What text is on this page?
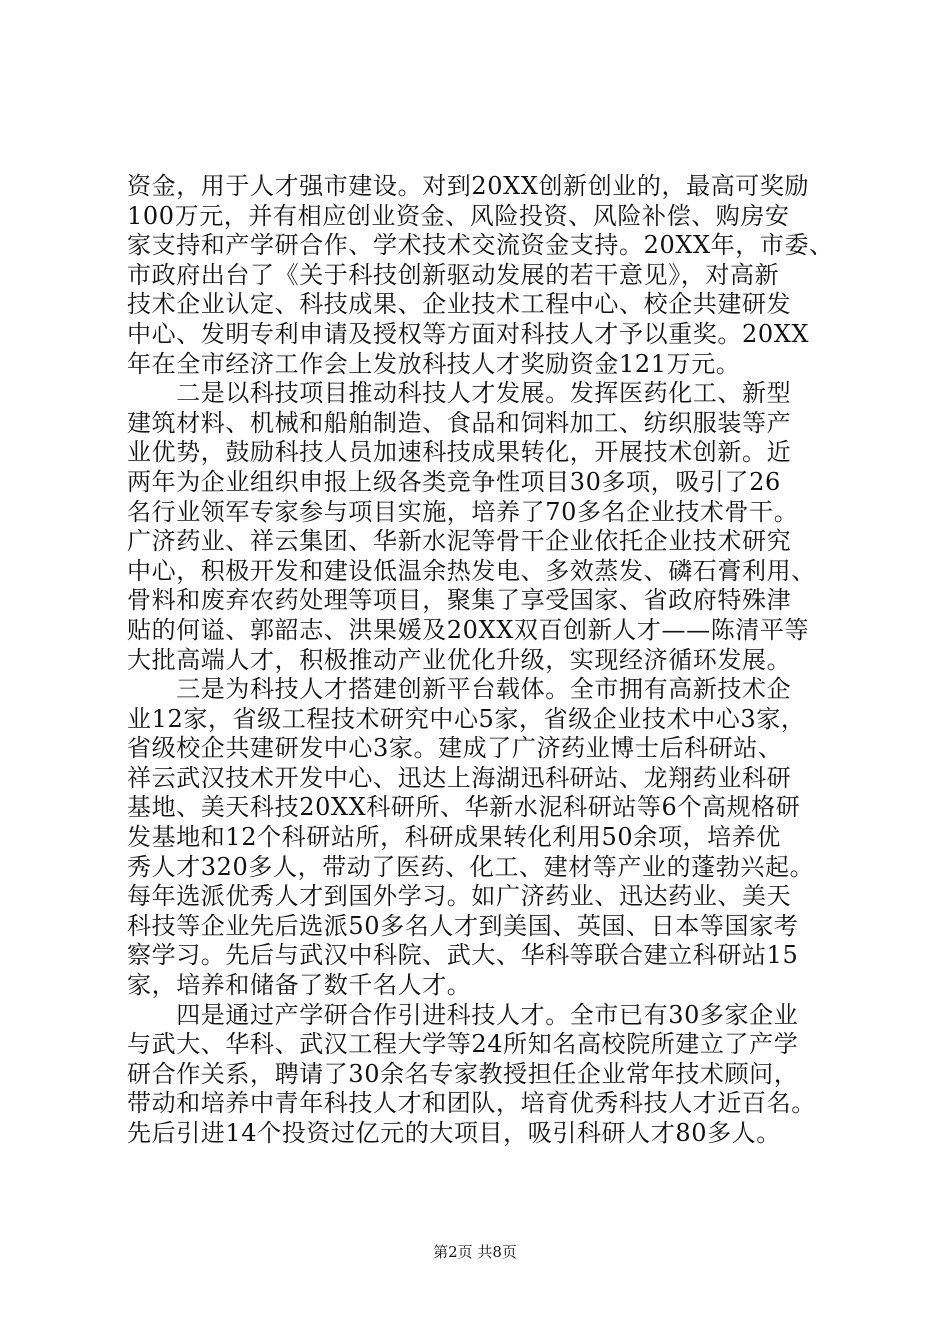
资金，用于人才强市建设。对到20XX创新创业的，最高可奖励
100万元，并有相应创业资金、风险投资、风险补偿、购房安
家支持和产学研合作、学术技术交流资金支持。20XX年，市委、
市政府出台了《关于科技创新驱动发展的若干意见》，对高新
技术企业认定、科技成果、企业技术工程中心、校企共建研发
中心、发明专利申请及授权等方面对科技人才予以重奖。20XX
年在全市经济工作会上发放科技人才奖励资金121万元。
　　二是以科技项目推动科技人才发展。发挥医药化工、新型
建筑材料、机械和船舶制造、食品和饲料加工、纺织服装等产
业优势，鼓励科技人员加速科技成果转化，开展技术创新。近
两年为企业组织申报上级各类竞争性项目30多项，吸引了26
名行业领军专家参与项目实施，培养了70多名企业技术骨干。
广济药业、祥云集团、华新水泥等骨干企业依托企业技术研究
中心，积极开发和建设低温余热发电、多效蒸发、磷石膏利用、
骨料和废弃农药处理等项目，聚集了享受国家、省政府特殊津
贴的何谥、郭韶志、洪果媛及20XX双百创新人才——陈清平等
大批高端人才，积极推动产业优化升级，实现经济循环发展。
　　三是为科技人才搭建创新平台载体。全市拥有高新技术企
业12家，省级工程技术研究中心5家，省级企业技术中心3家，
省级校企共建研发中心3家。建成了广济药业博士后科研站、
祥云武汉技术开发中心、迅达上海湖迅科研站、龙翔药业科研
基地、美天科技20XX科研所、华新水泥科研站等6个高规格研
发基地和12个科研站所，科研成果转化利用50余项，培养优
秀人才320多人，带动了医药、化工、建材等产业的蓬勃兴起。
每年选派优秀人才到国外学习。如广济药业、迅达药业、美天
科技等企业先后选派50多名人才到美国、英国、日本等国家考
察学习。先后与武汉中科院、武大、华科等联合建立科研站15
家，培养和储备了数千名人才。
　　四是通过产学研合作引进科技人才。全市已有30多家企业
与武大、华科、武汉工程大学等24所知名高校院所建立了产学
研合作关系，聘请了30余名专家教授担任企业常年技术顾问，
带动和培养中青年科技人才和团队，培育优秀科技人才近百名。
先后引进14个投资过亿元的大项目，吸引科研人才80多人。
第2页 共8页
